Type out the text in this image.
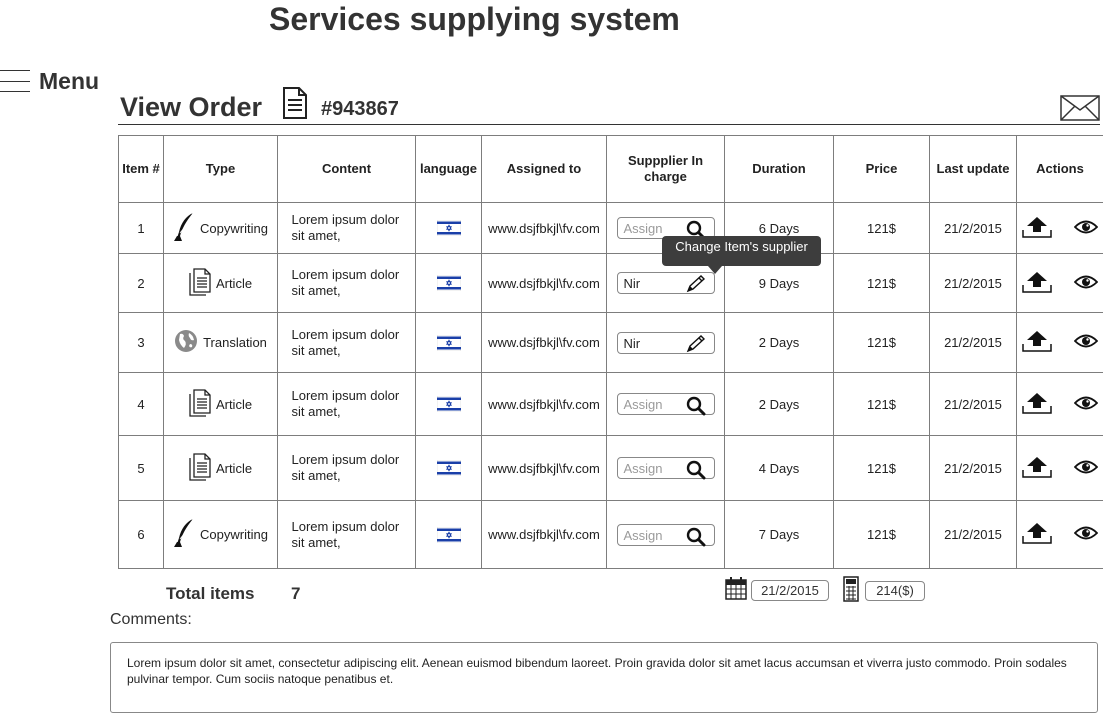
Services supplying system
Menu
View Order	#943867
Item #	Type	Content	language	Assigned to	Suppplier In charge	Duration	Price	Last update	Actions
1	Copywriting	Lorem ipsum dolor sit amet,		www.dsjfbkjl\fv.com	Assign	6 Days	121$	21/2/2015	

2	Article	Lorem ipsum dolor sit amet,		www.dsjfbkjl\fv.com	Nir	9 Days	121$	21/2/2015	

3	Translation	Lorem ipsum dolor sit amet,		www.dsjfbkjl\fv.com	Nir	2 Days	121$	21/2/2015	

4	Article	Lorem ipsum dolor sit amet,		www.dsjfbkjl\fv.com	Assign	2 Days	121$	21/2/2015	

5	Article	Lorem ipsum dolor sit amet,		www.dsjfbkjl\fv.com	Assign	4 Days	121$	21/2/2015	

6	Copywriting	Lorem ipsum dolor sit amet,		www.dsjfbkjl\fv.com	Assign	7 Days	121$	21/2/2015	
Change Item's supplier
Total items 7	21/2/2015	214($)
Comments:
Lorem ipsum dolor sit amet, consectetur adipiscing elit. Aenean euismod bibendum laoreet. Proin gravida dolor sit amet lacus accumsan et viverra justo commodo. Proin sodales pulvinar tempor. Cum sociis natoque penatibus et.
